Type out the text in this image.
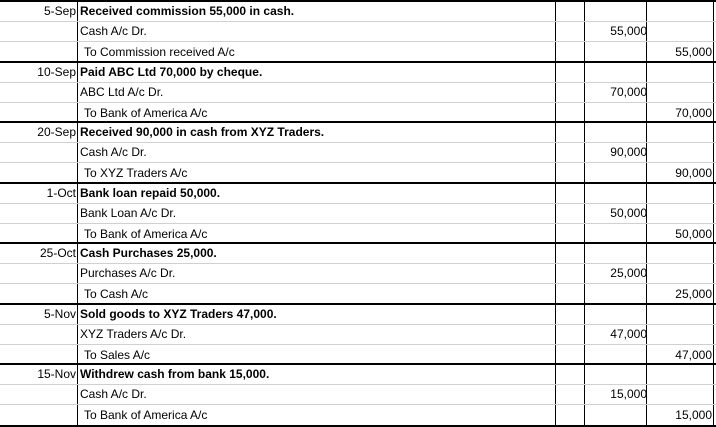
5-Sep Received commission 55,000 in cash.
Cash A/c Dr.
To Commission received A/c
55,000
55,000
10-Sep Paid ABC Ltd 70,000 by cheque.
ABC Ltd A/c Dr.
To Bank of America A/c
70,000
70,000
20-Sep Received 90,000 in cash from XYZ Traders.
Cash A/c Dr.
To XYZ Traders A/c
90,000
90,000
1-Oct Bank loan repaid 50,000.
Bank Loan A/c Dr.
To Bank of America A/c
50,000
50,000
25-Oct Cash Purchases 25,000.
Purchases A/c Dr.
To Cash A/c
25,000
25,000
5-Nov Sold goods to XYZ Traders 47,000.
XYZ Traders A/c Dr.
To Sales A/c
47,000
47,000
15-Nov Withdrew cash from bank 15,000.
Cash A/c Dr.
To Bank of America A/c
15,000
15,000
